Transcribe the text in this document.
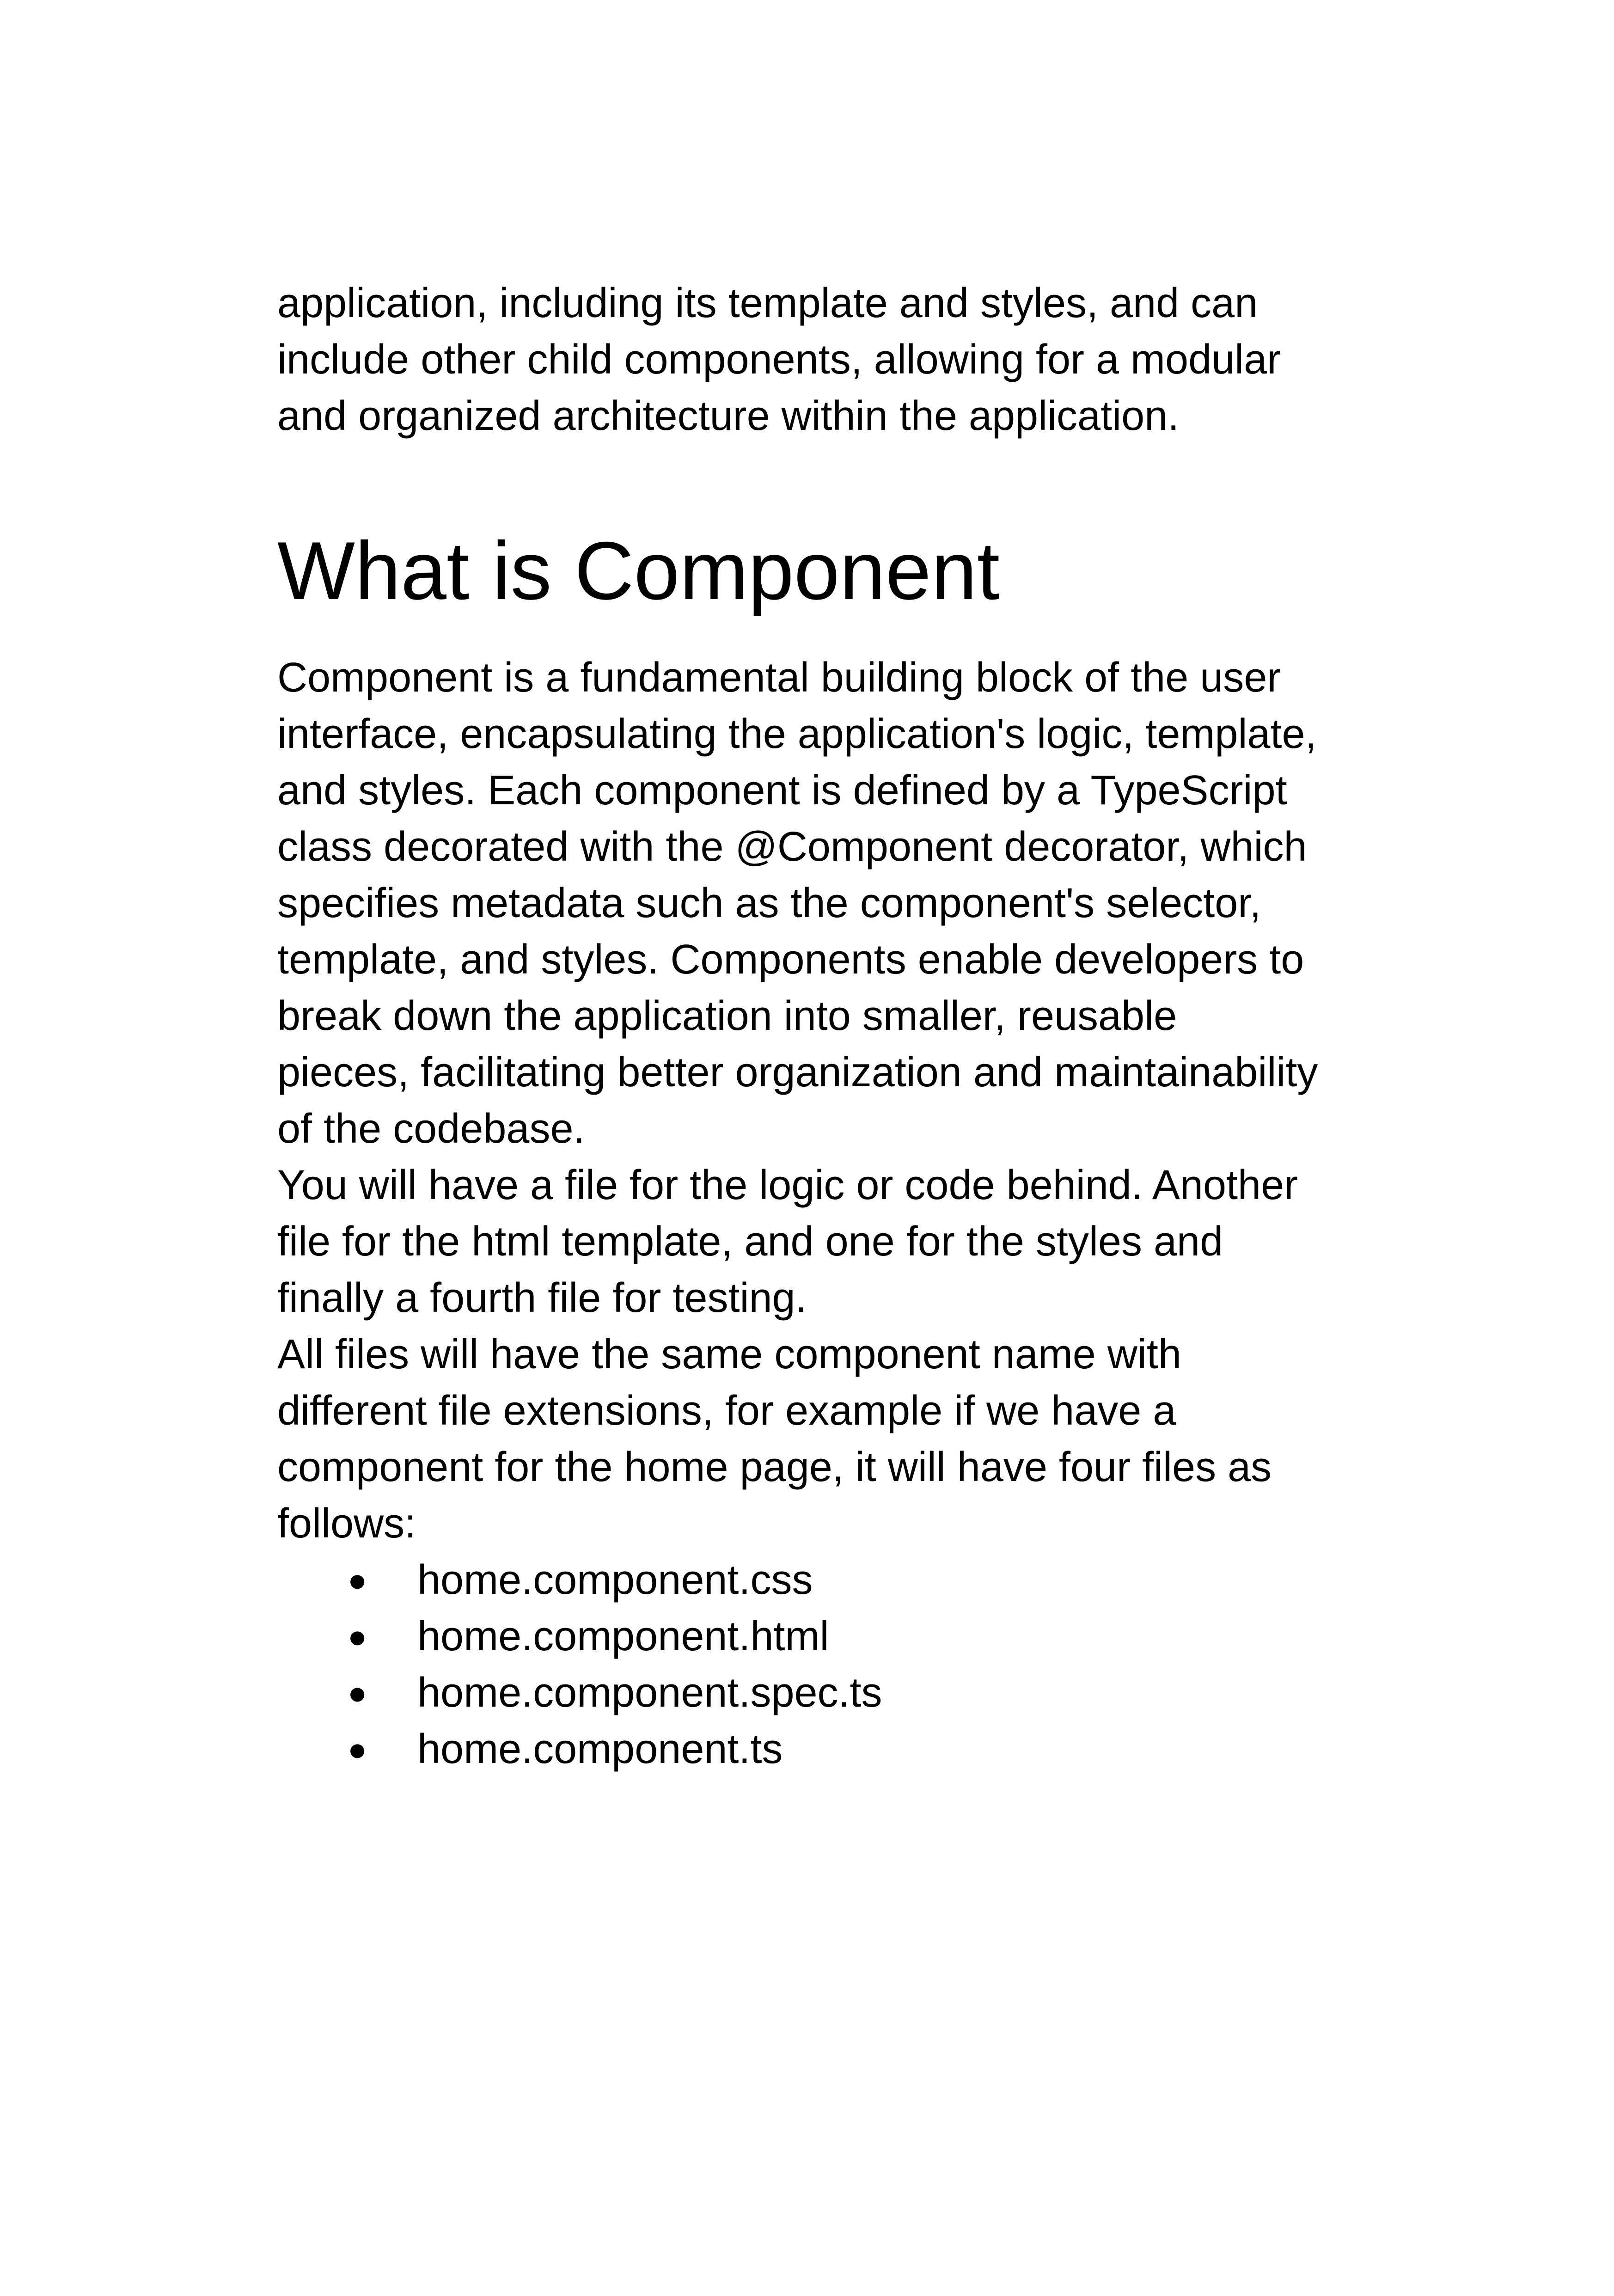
application, including its template and styles, and can
include other child components, allowing for a modular
and organized architecture within the application.

What is Component

Component is a fundamental building block of the user
interface, encapsulating the application's logic, template,
and styles. Each component is defined by a TypeScript
class decorated with the @Component decorator, which
specifies metadata such as the component's selector,
template, and styles. Components enable developers to
break down the application into smaller, reusable
pieces, facilitating better organization and maintainability
of the codebase.

You will have a file for the logic or code behind. Another
file for the html template, and one for the styles and
finally a fourth file for testing.

All files will have the same component name with
different file extensions, for example if we have a
component for the home page, it will have four files as
follows:

● home.component.css
● home.component.html
● home.component.spec.ts
● home.component.ts
